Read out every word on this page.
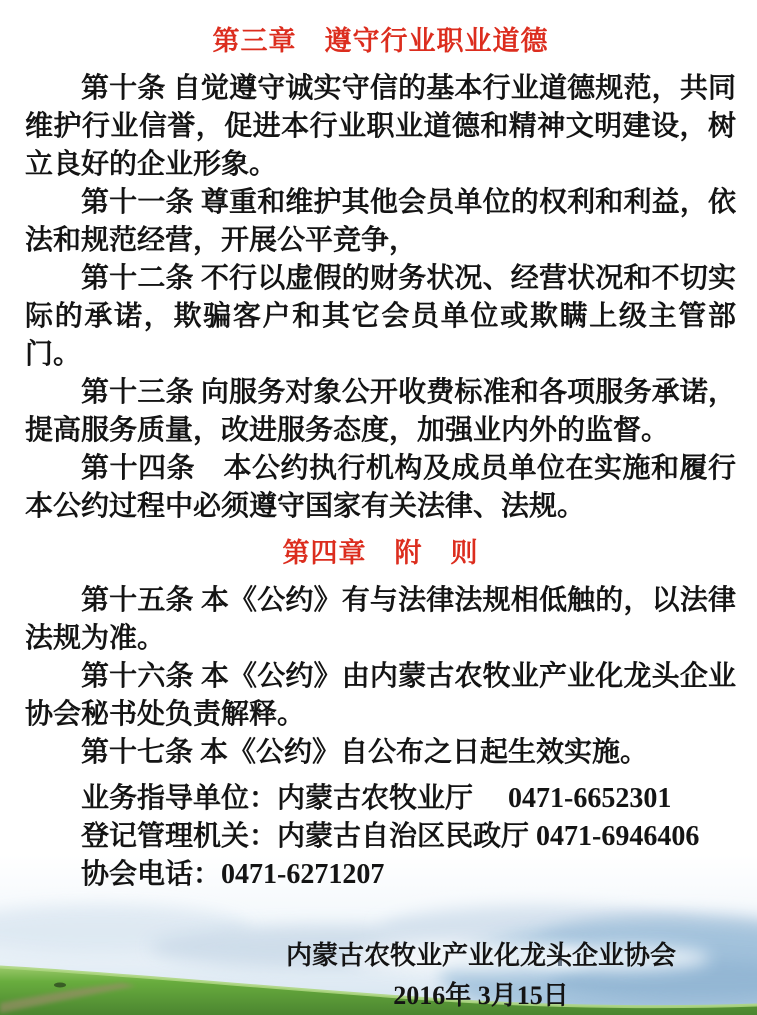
第三章　遵守行业职业道德

第十条 自觉遵守诚实守信的基本行业道德规范，共同维护行业信誉，促进本行业职业道德和精神文明建设，树立良好的企业形象。

第十一条 尊重和维护其他会员单位的权利和利益，依法和规范经营，开展公平竞争，

第十二条 不行以虚假的财务状况、经营状况和不切实际的承诺，欺骗客户和其它会员单位或欺瞒上级主管部门。

第十三条 向服务对象公开收费标准和各项服务承诺，提高服务质量，改进服务态度，加强业内外的监督。

第十四条　本公约执行机构及成员单位在实施和履行本公约过程中必须遵守国家有关法律、法规。

第四章　附　则

第十五条 本《公约》有与法律法规相低触的，以法律法规为准。

第十六条 本《公约》由内蒙古农牧业产业化龙头企业协会秘书处负责解释。

第十七条 本《公约》自公布之日起生效实施。

业务指导单位：内蒙古农牧业厅　 0471-6652301

登记管理机关：内蒙古自治区民政厅 0471-6946406

协会电话：0471-6271207

内蒙古农牧业产业化龙头企业协会
2016年 3月15日
